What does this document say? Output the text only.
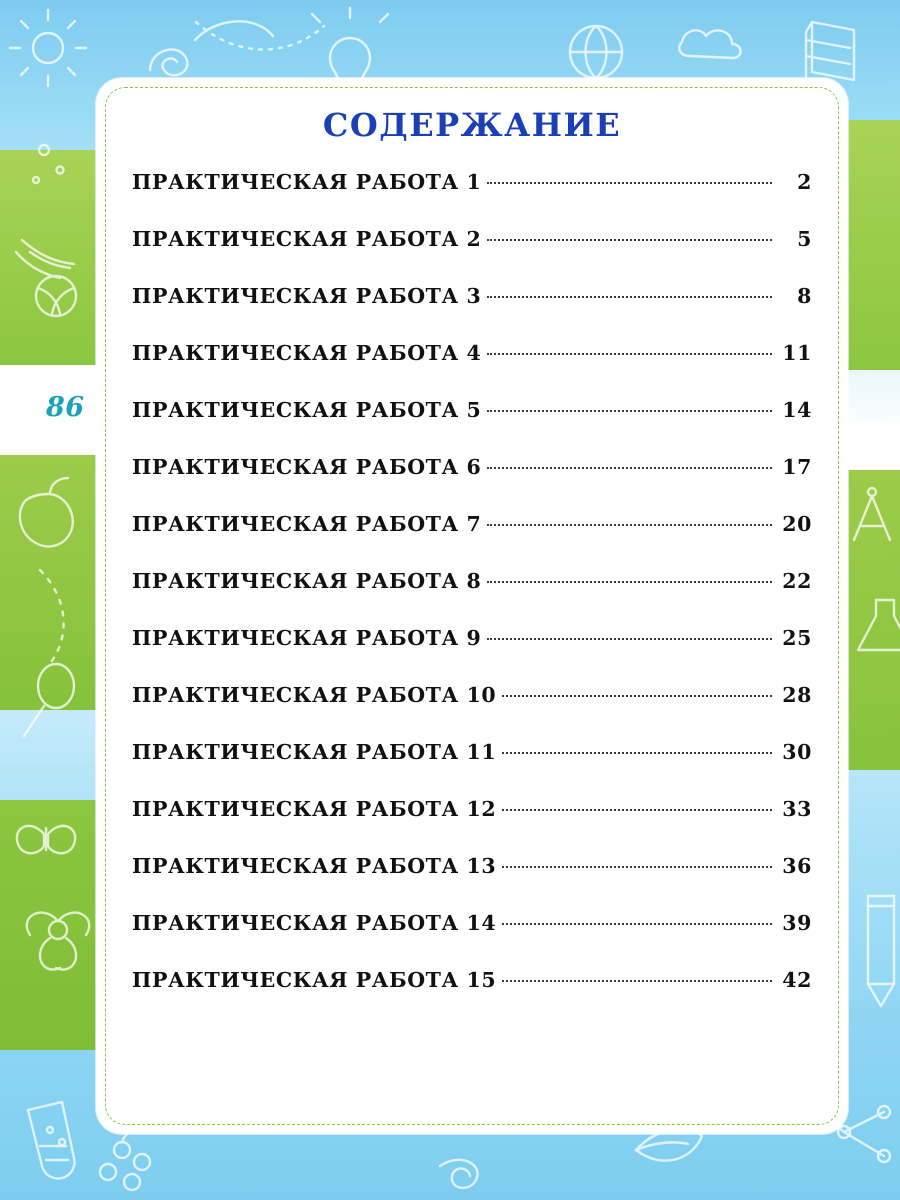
86
СОДЕРЖАНИЕ
ПРАКТИЧЕСКАЯ РАБОТА 1	2
ПРАКТИЧЕСКАЯ РАБОТА 2	5
ПРАКТИЧЕСКАЯ РАБОТА 3	8
ПРАКТИЧЕСКАЯ РАБОТА 4	11
ПРАКТИЧЕСКАЯ РАБОТА 5	14
ПРАКТИЧЕСКАЯ РАБОТА 6	17
ПРАКТИЧЕСКАЯ РАБОТА 7	20
ПРАКТИЧЕСКАЯ РАБОТА 8	22
ПРАКТИЧЕСКАЯ РАБОТА 9	25
ПРАКТИЧЕСКАЯ РАБОТА 10	28
ПРАКТИЧЕСКАЯ РАБОТА 11	30
ПРАКТИЧЕСКАЯ РАБОТА 12	33
ПРАКТИЧЕСКАЯ РАБОТА 13	36
ПРАКТИЧЕСКАЯ РАБОТА 14	39
ПРАКТИЧЕСКАЯ РАБОТА 15	42
